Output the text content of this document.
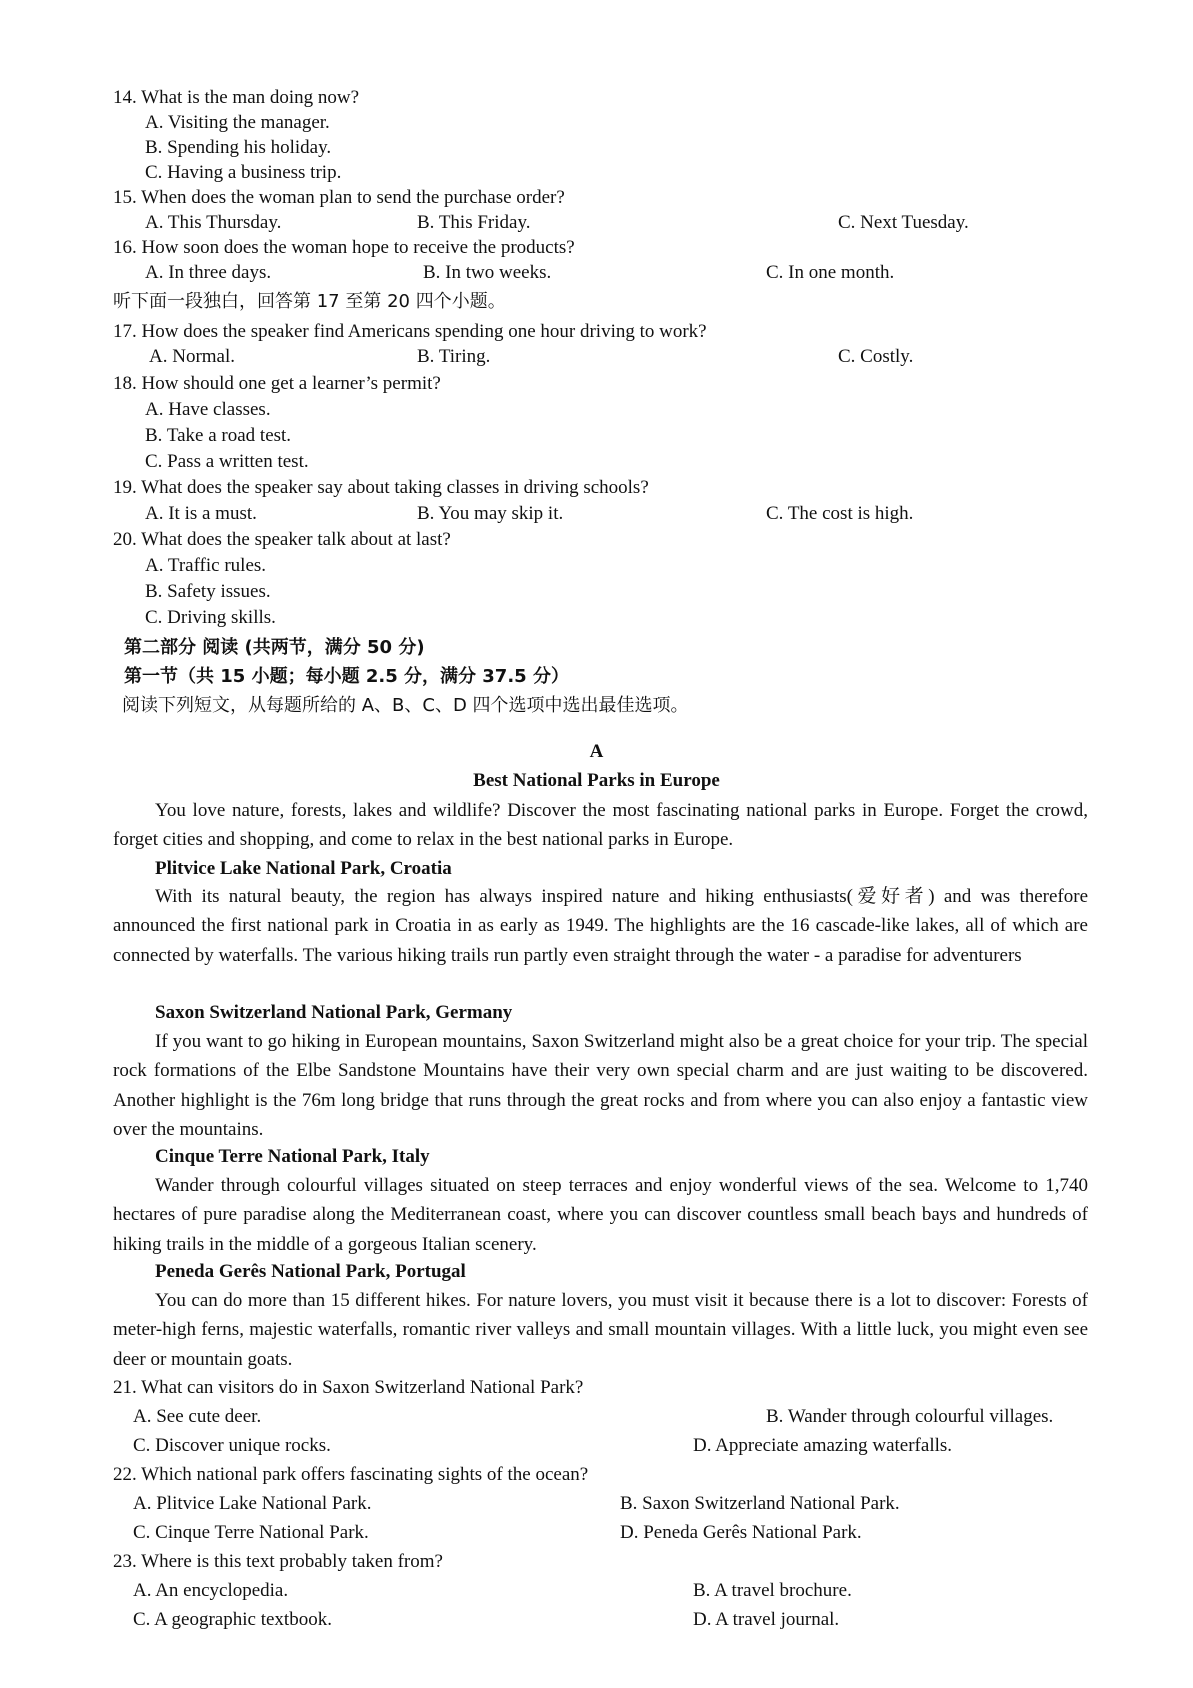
14. What is the man doing now?
A. Visiting the manager.
B. Spending his holiday.
C. Having a business trip.
15. When does the woman plan to send the purchase order?
A. This Thursday.	B. This Friday.	C. Next Tuesday.
16. How soon does the woman hope to receive the products?
A. In three days.	B. In two weeks.	C. In one month.
听下面一段独白，回答第 17 至第 20 四个小题。
17. How does the speaker find Americans spending one hour driving to work?
A. Normal.	B. Tiring.	C. Costly.
18. How should one get a learner’s permit?
A. Have classes.
B. Take a road test.
C. Pass a written test.
19. What does the speaker say about taking classes in driving schools?
A. It is a must.	B. You may skip it.	C. The cost is high.
20. What does the speaker talk about at last?
A. Traffic rules.
B. Safety issues.
C. Driving skills.
第二部分 阅读 (共两节，满分 50 分)
第一节（共 15 小题；每小题 2.5 分，满分 37.5 分）
阅读下列短文，从每题所给的 A、B、C、D 四个选项中选出最佳选项。
A
Best National Parks in Europe
You love nature, forests, lakes and wildlife? Discover the most fascinating national parks in Europe. Forget the crowd, forget cities and shopping, and come to relax in the best national parks in Europe.
Plitvice Lake National Park, Croatia
With its natural beauty, the region has always inspired nature and hiking enthusiasts(爱好者) and was therefore announced the first national park in Croatia in as early as 1949. The highlights are the 16 cascade-like lakes, all of which are connected by waterfalls. The various hiking trails run partly even straight through the water - a paradise for adventurers
Saxon Switzerland National Park, Germany
If you want to go hiking in European mountains, Saxon Switzerland might also be a great choice for your trip. The special rock formations of the Elbe Sandstone Mountains have their very own special charm and are just waiting to be discovered. Another highlight is the 76m long bridge that runs through the great rocks and from where you can also enjoy a fantastic view over the mountains.
Cinque Terre National Park, Italy
Wander through colourful villages situated on steep terraces and enjoy wonderful views of the sea. Welcome to 1,740 hectares of pure paradise along the Mediterranean coast, where you can discover countless small beach bays and hundreds of hiking trails in the middle of a gorgeous Italian scenery.
Peneda Gerês National Park, Portugal
You can do more than 15 different hikes. For nature lovers, you must visit it because there is a lot to discover: Forests of meter-high ferns, majestic waterfalls, romantic river valleys and small mountain villages. With a little luck, you might even see deer or mountain goats.
21. What can visitors do in Saxon Switzerland National Park?
A. See cute deer.	B. Wander through colourful villages.
C. Discover unique rocks.	D. Appreciate amazing waterfalls.
22. Which national park offers fascinating sights of the ocean?
A. Plitvice Lake National Park.	B. Saxon Switzerland National Park.
C. Cinque Terre National Park.	D. Peneda Gerês National Park.
23. Where is this text probably taken from?
A. An encyclopedia.	B. A travel brochure.
C. A geographic textbook.	D. A travel journal.
